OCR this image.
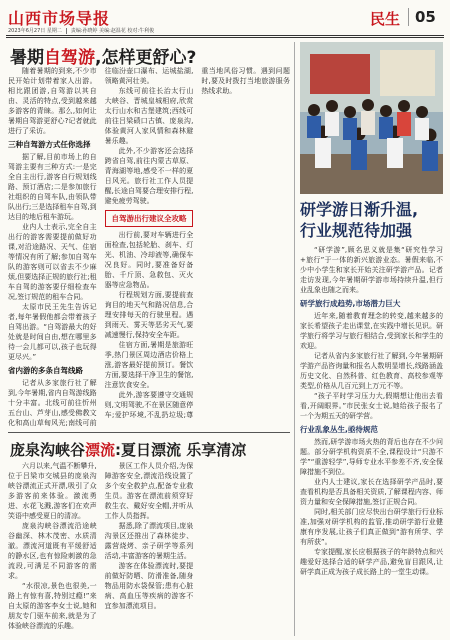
山西市场导报
2023年6月27日 星期二 责编:孙晓婷 美编:赵温花 校对:牛利俊
民生 05
暑期自驾游,怎样更舒心?

随着暑期的到来,不少市民开始计划带着家人出游。相比跟团游,自驾游以其自由、灵活的特点,受到越来越多游客的青睐。那么,如何让暑期自驾游更舒心?记者就此进行了采访。

三种自驾游方式任你选择

据了解,目前市场上的自驾游主要有三种方式:一是完全自主出行,游客自行规划线路、预订酒店;二是参加旅行社组织的自驾车队,由领队带队出行;三是选择租车自驾,到达目的地后租车游玩。

业内人士表示,完全自主出行的游客需要提前做好功课,对沿途路况、天气、住宿等情况有所了解;参加自驾车队的游客则可以省去不少麻烦,但要选择正规的旅行社;租车自驾的游客要仔细检查车况,签订规范的租车合同。

太原市民王先生告诉记者,每年暑假他都会带着孩子自驾出游。“自驾游最大的好处就是时间自由,想在哪里多待一会儿都可以,孩子也玩得更尽兴。”

省内游的多条自驾线路

记者从多家旅行社了解到,今年暑期,省内自驾游线路十分丰富。北线可前往忻州五台山、芦芽山,感受佛教文化和高山草甸风光;南线可前往临汾壶口瀑布、运城盐湖,领略黄河壮美。

东线可前往长治太行山大峡谷、晋城皇城相府,欣赏太行山水和古堡建筑;西线可前往吕梁碛口古镇、庞泉沟,体验黄河人家风情和森林避暑乐趣。

此外,不少游客还会选择跨省自驾,前往内蒙古草原、青海湖等地,感受不一样的夏日风光。旅行社工作人员提醒,长途自驾要合理安排行程,避免疲劳驾驶。

自驾游出行建议全攻略

出行前,要对车辆进行全面检查,包括轮胎、刹车、灯光、机油、冷却液等,确保车况良好。同时,要准备好备胎、千斤顶、急救包、灭火器等应急物品。

行程规划方面,要提前查询目的地天气和路况信息,合理安排每天的行驶里程。遇到雨天、雾天等恶劣天气,要减速慢行,保持安全车距。

住宿方面,暑期是旅游旺季,热门景区周边酒店价格上涨,游客最好提前预订。餐饮方面,要选择干净卫生的餐馆,注意饮食安全。

此外,游客要遵守交通规则,文明驾驶,不在景区随意停车;爱护环境,不乱扔垃圾;尊重当地风俗习惯。遇到问题时,要及时拨打当地旅游服务热线求助。

庞泉沟峡谷漂流:夏日漂流 乐享清凉

六月以来,气温不断攀升,位于吕梁市交城县的庞泉沟峡谷漂流正式开漂,吸引了众多游客前来体验。激流勇进、水花飞溅,游客们在欢声笑语中感受夏日的清凉。

庞泉沟峡谷漂流沿途峡谷幽深、林木茂密、水质清澈。漂流河道既有平缓舒适的静水区,也有惊险刺激的急流段,可满足不同游客的需求。

“水很凉,景色也很美,一路上有惊有喜,特别过瘾!”来自太原的游客李女士说,她和朋友专门驱车前来,就是为了体验峡谷漂流的乐趣。

景区工作人员介绍,为保障游客安全,漂流沿线设置了多个安全救护点,配备专业救生员。游客在漂流前须穿好救生衣、戴好安全帽,并听从工作人员指挥。

据悉,除了漂流项目,庞泉沟景区还推出了森林徒步、露营烧烤、亲子研学等系列活动,丰富游客的暑期生活。

游客在体验漂流时,要提前做好防晒、防滑准备,随身物品用防水袋保管;患有心脏病、高血压等疾病的游客不宜参加漂流项目。

研学游日渐升温,
行业规范待加强

“研学游”,顾名思义就是集“研究性学习+旅行”于一体的新兴旅游业态。暑假来临,不少中小学生和家长开始关注研学游产品。记者走访发现,今年暑期研学游市场持续升温,但行业乱象也随之而来。

研学旅行成趋势,市场潜力巨大

近年来,随着教育理念的转变,越来越多的家长希望孩子走出课堂,在实践中增长见识。研学旅行将学习与旅行相结合,受到家长和学生的欢迎。

记者从省内多家旅行社了解到,今年暑期研学游产品咨询量和报名人数明显增长,线路涵盖历史文化、自然科普、红色教育、高校参观等类型,价格从几百元到上万元不等。

“孩子平时学习压力大,假期想让他出去看看,开阔眼界。”市民张女士说,她给孩子报名了一个为期五天的研学营。

行业乱象丛生,亟待规范

然而,研学游市场火热的背后也存在不少问题。部分研学机构资质不全,课程设计“只游不学”“重游轻学”,导师专业水平参差不齐,安全保障措施不到位。

业内人士建议,家长在选择研学产品时,要查看机构是否具备相关资质,了解课程内容、师资力量和安全保障措施,签订正规合同。

同时,相关部门应尽快出台研学旅行行业标准,加强对研学机构的监管,推动研学游行业健康有序发展,让孩子们真正做到“游有所学、学有所获”。

专家提醒,家长应根据孩子的年龄特点和兴趣爱好选择合适的研学产品,避免盲目跟风,让研学真正成为孩子成长路上的一堂生动课。
